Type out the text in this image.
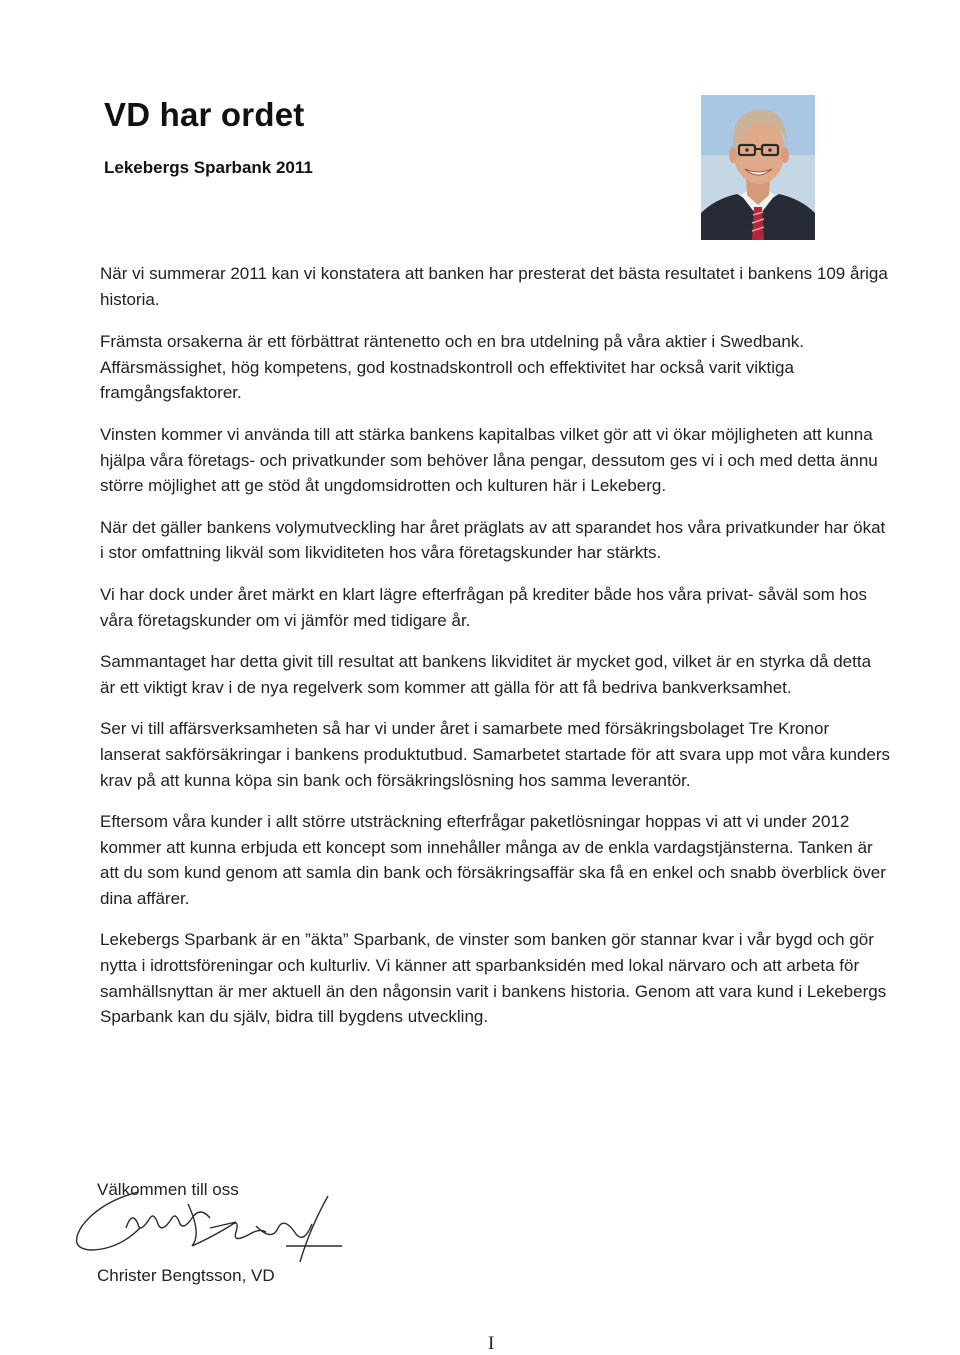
VD har ordet
Lekebergs Sparbank 2011

När vi summerar 2011 kan vi konstatera att banken har presterat det bästa resultatet i bankens 109 åriga historia.

Främsta orsakerna är ett förbättrat räntenetto och en bra utdelning på våra aktier i Swedbank. Affärsmässighet, hög kompetens, god kostnadskontroll och effektivitet har också varit viktiga framgångsfaktorer.

Vinsten kommer vi använda till att stärka bankens kapitalbas vilket gör att vi ökar möjligheten att kunna hjälpa våra företags- och privatkunder som behöver låna pengar, dessutom ges vi i och med detta ännu större möjlighet att ge stöd åt ungdomsidrotten och kulturen här i Lekeberg.

När det gäller bankens volymutveckling har året präglats av att sparandet hos våra privatkunder har ökat i stor omfattning likväl som likviditeten hos våra företagskunder har stärkts.

Vi har dock under året märkt en klart lägre efterfrågan på krediter både hos våra privat- såväl som hos våra företagskunder om vi jämför med tidigare år.

Sammantaget har detta givit till resultat att bankens likviditet är mycket god, vilket är en styrka då detta är ett viktigt krav i de nya regelverk som kommer att gälla för att få bedriva bankverksamhet.

Ser vi till affärsverksamheten så har vi under året i samarbete med försäkringsbolaget Tre Kronor lanserat sakförsäkringar i bankens produktutbud. Samarbetet startade för att svara upp mot våra kunders krav på att kunna köpa sin bank och försäkringslösning hos samma leverantör.

Eftersom våra kunder i allt större utsträckning efterfrågar paketlösningar hoppas vi att vi under 2012 kommer att kunna erbjuda ett koncept som innehåller många av de enkla vardagstjänsterna. Tanken är att du som kund genom att samla din bank och försäkringsaffär ska få en enkel och snabb överblick över dina affärer.

Lekebergs Sparbank är en ”äkta” Sparbank, de vinster som banken gör stannar kvar i vår bygd och gör nytta i idrottsföreningar och kulturliv. Vi känner att sparbanksidén med lokal närvaro och att arbeta för samhällsnyttan är mer aktuell än den någonsin varit i bankens historia. Genom att vara kund i Lekebergs Sparbank kan du själv, bidra till bygdens utveckling.

Välkommen till oss

Christer Bengtsson, VD

I
